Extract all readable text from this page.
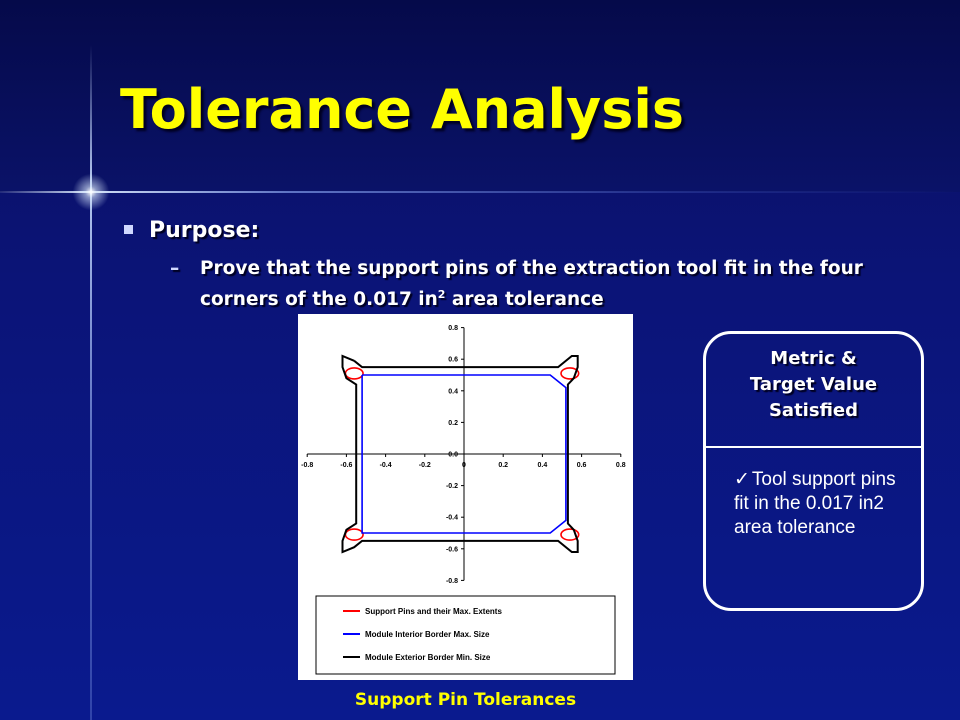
Tolerance Analysis
Purpose:
– Prove that the support pins of the extraction tool fit in the four corners of the 0.017 $in^2$ area tolerance
-0.8	-0.6	-0.4	-0.2	0	0.2	0.4	0.6	0.8
0.8
0.6
0.4
0.2
0.0
-0.2
-0.4
-0.6
-0.8
Support Pins and their Max. Extents
Module Interior Border Max. Size
Module Exterior Border Min. Size
Support Pin Tolerances
Metric &
Target Value
Satisfied
✓ Tool support pins fit in the 0.017 in2 area tolerance
